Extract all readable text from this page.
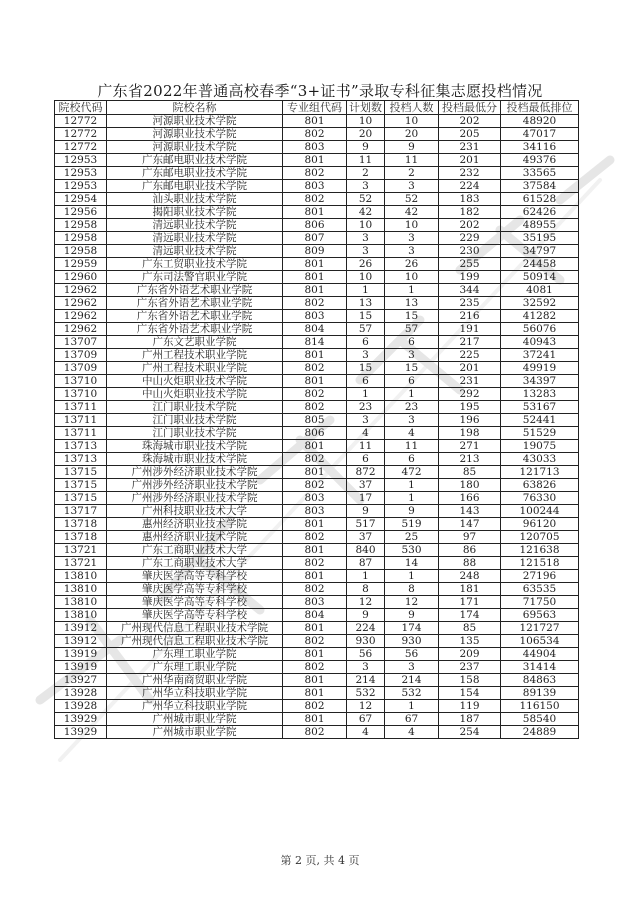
广东省2022年普通高校春季“3+证书”录取专科征集志愿投档情况
院校代码	院校名称	专业组代码	计划数	投档人数	投档最低分	投档最低排位
12772	河源职业技术学院	801	10	10	202	48920
12772	河源职业技术学院	802	20	20	205	47017
12772	河源职业技术学院	803	9	9	231	34116
12953	广东邮电职业技术学院	801	11	11	201	49376
12953	广东邮电职业技术学院	802	2	2	232	33565
12953	广东邮电职业技术学院	803	3	3	224	37584
12954	汕头职业技术学院	802	52	52	183	61528
12956	揭阳职业技术学院	801	42	42	182	62426
12958	清远职业技术学院	806	10	10	202	48955
12958	清远职业技术学院	807	3	3	229	35195
12958	清远职业技术学院	809	3	3	230	34797
12959	广东工贸职业技术学院	801	26	26	255	24458
12960	广东司法警官职业学院	801	10	10	199	50914
12962	广东省外语艺术职业学院	801	1	1	344	4081
12962	广东省外语艺术职业学院	802	13	13	235	32592
12962	广东省外语艺术职业学院	803	15	15	216	41282
12962	广东省外语艺术职业学院	804	57	57	191	56076
13707	广东文艺职业学院	814	6	6	217	40943
13709	广州工程技术职业学院	801	3	3	225	37241
13709	广州工程技术职业学院	802	15	15	201	49919
13710	中山火炬职业技术学院	801	6	6	231	34397
13710	中山火炬职业技术学院	802	1	1	292	13283
13711	江门职业技术学院	802	23	23	195	53167
13711	江门职业技术学院	805	3	3	196	52441
13711	江门职业技术学院	806	4	4	198	51529
13713	珠海城市职业技术学院	801	11	11	271	19075
13713	珠海城市职业技术学院	802	6	6	213	43033
13715	广州涉外经济职业技术学院	801	872	472	85	121713
13715	广州涉外经济职业技术学院	802	37	1	180	63826
13715	广州涉外经济职业技术学院	803	17	1	166	76330
13717	广州科技职业技术大学	803	9	9	143	100244
13718	惠州经济职业技术学院	801	517	519	147	96120
13718	惠州经济职业技术学院	802	37	25	97	120705
13721	广东工商职业技术大学	801	840	530	86	121638
13721	广东工商职业技术大学	802	87	14	88	121518
13810	肇庆医学高等专科学校	801	1	1	248	27196
13810	肇庆医学高等专科学校	802	8	8	181	63535
13810	肇庆医学高等专科学校	803	12	12	171	71750
13810	肇庆医学高等专科学校	804	9	9	174	69563
13912	广州现代信息工程职业技术学院	801	224	174	85	121727
13912	广州现代信息工程职业技术学院	802	930	930	135	106534
13919	广东理工职业学院	801	56	56	209	44904
13919	广东理工职业学院	802	3	3	237	31414
13927	广州华南商贸职业学院	801	214	214	158	84863
13928	广州华立科技职业学院	801	532	532	154	89139
13928	广州华立科技职业学院	802	12	1	119	116150
13929	广州城市职业学院	801	67	67	187	58540
13929	广州城市职业学院	802	4	4	254	24889
第 2 页, 共 4 页
